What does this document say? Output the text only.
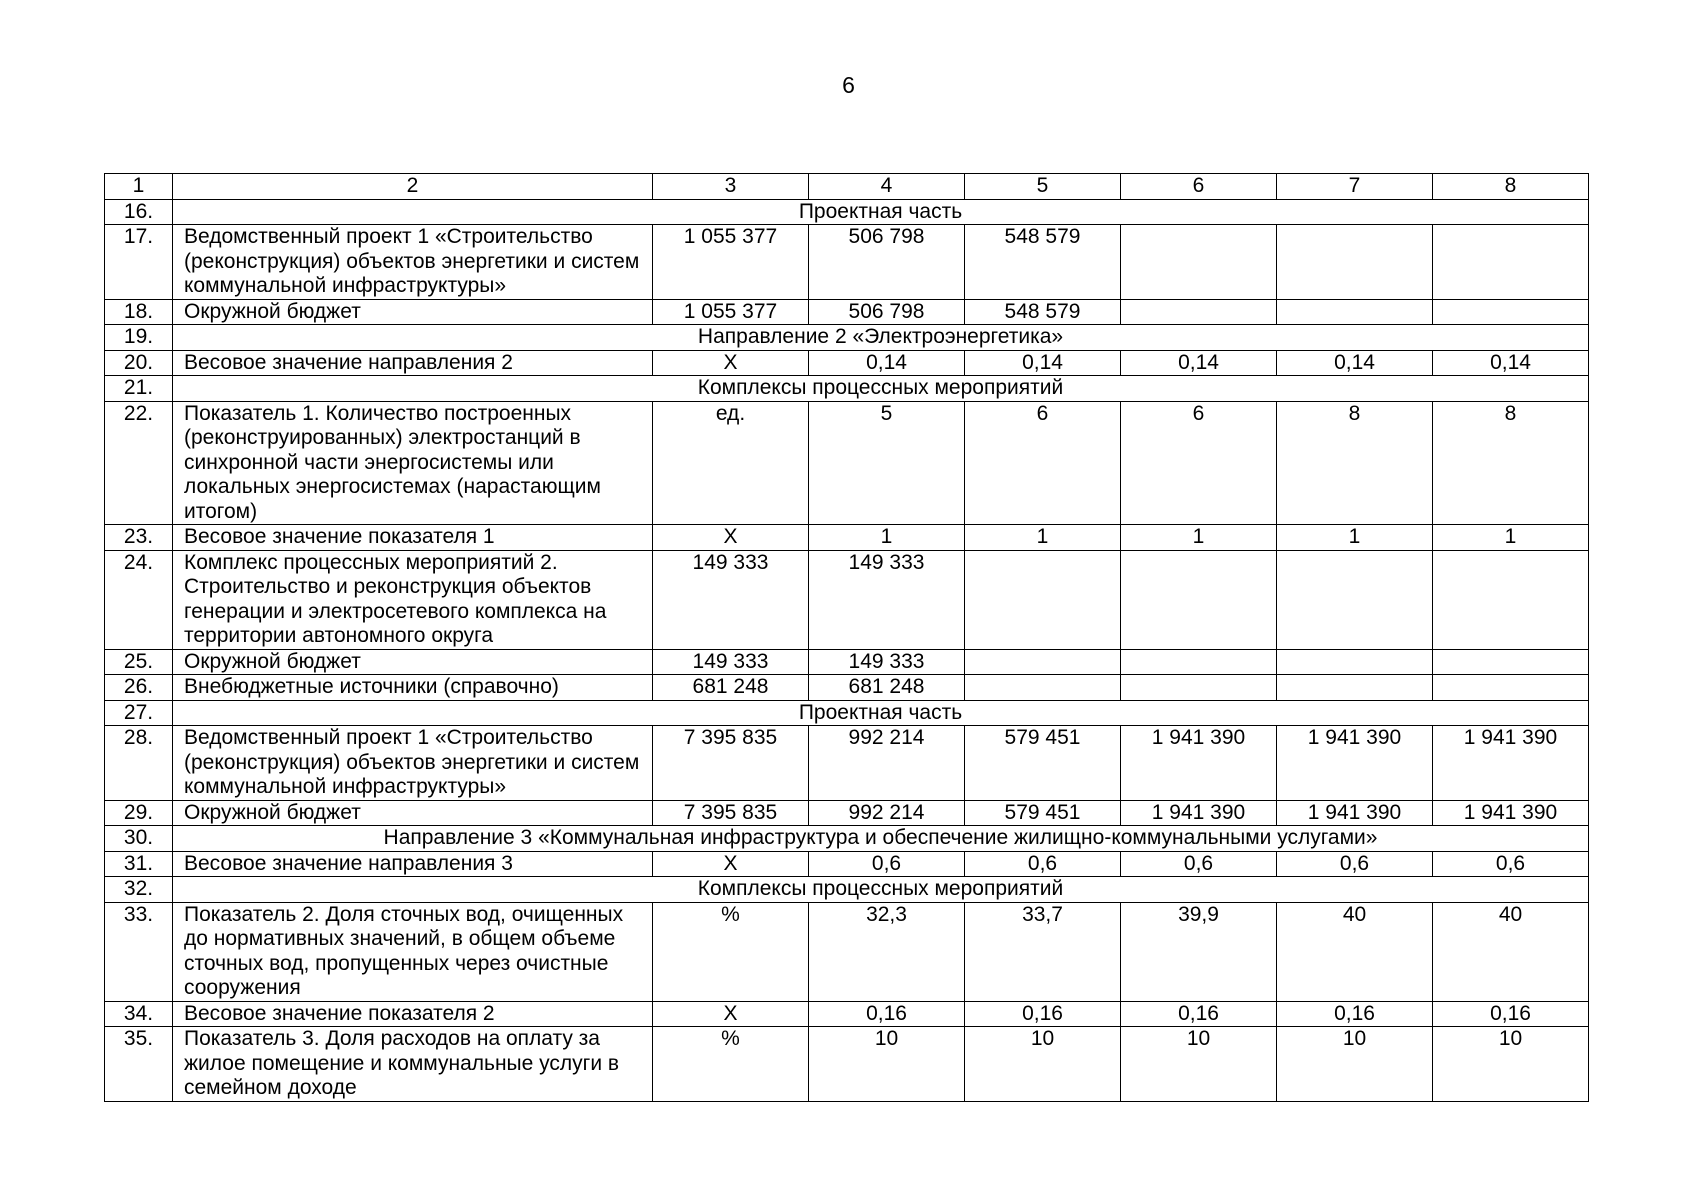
6
1	2	3	4	5	6	7	8
16.	Проектная часть						
17.	Ведомственный проект 1 «Строительство (реконструкция) объектов энергетики и систем коммунальной инфраструктуры»	1 055 377	506 798	548 579			
18.	Окружной бюджет	1 055 377	506 798	548 579			
19.	Направление 2 «Электроэнергетика»						
20.	Весовое значение направления 2	Х	0,14	0,14	0,14	0,14	0,14
21.	Комплексы процессных мероприятий						
22.	Показатель 1. Количество построенных (реконструированных) электростанций в синхронной части энергосистемы или локальных энергосистемах (нарастающим итогом)	ед.	5	6	6	8	8
23.	Весовое значение показателя 1	Х	1	1	1	1	1
24.	Комплекс процессных мероприятий 2. Строительство и реконструкция объектов генерации и электросетевого комплекса на территории автономного округа	149 333	149 333				
25.	Окружной бюджет	149 333	149 333				
26.	Внебюджетные источники (справочно)	681 248	681 248				
27.	Проектная часть						
28.	Ведомственный проект 1 «Строительство (реконструкция) объектов энергетики и систем коммунальной инфраструктуры»	7 395 835	992 214	579 451	1 941 390	1 941 390	1 941 390
29.	Окружной бюджет	7 395 835	992 214	579 451	1 941 390	1 941 390	1 941 390
30.	Направление 3 «Коммунальная инфраструктура и обеспечение жилищно-коммунальными услугами»						
31.	Весовое значение направления 3	Х	0,6	0,6	0,6	0,6	0,6
32.	Комплексы процессных мероприятий						
33.	Показатель 2. Доля сточных вод, очищенных до нормативных значений, в общем объеме сточных вод, пропущенных через очистные сооружения	%	32,3	33,7	39,9	40	40
34.	Весовое значение показателя 2	Х	0,16	0,16	0,16	0,16	0,16
35.	Показатель 3. Доля расходов на оплату за жилое помещение и коммунальные услуги в семейном доходе	%	10	10	10	10	10
